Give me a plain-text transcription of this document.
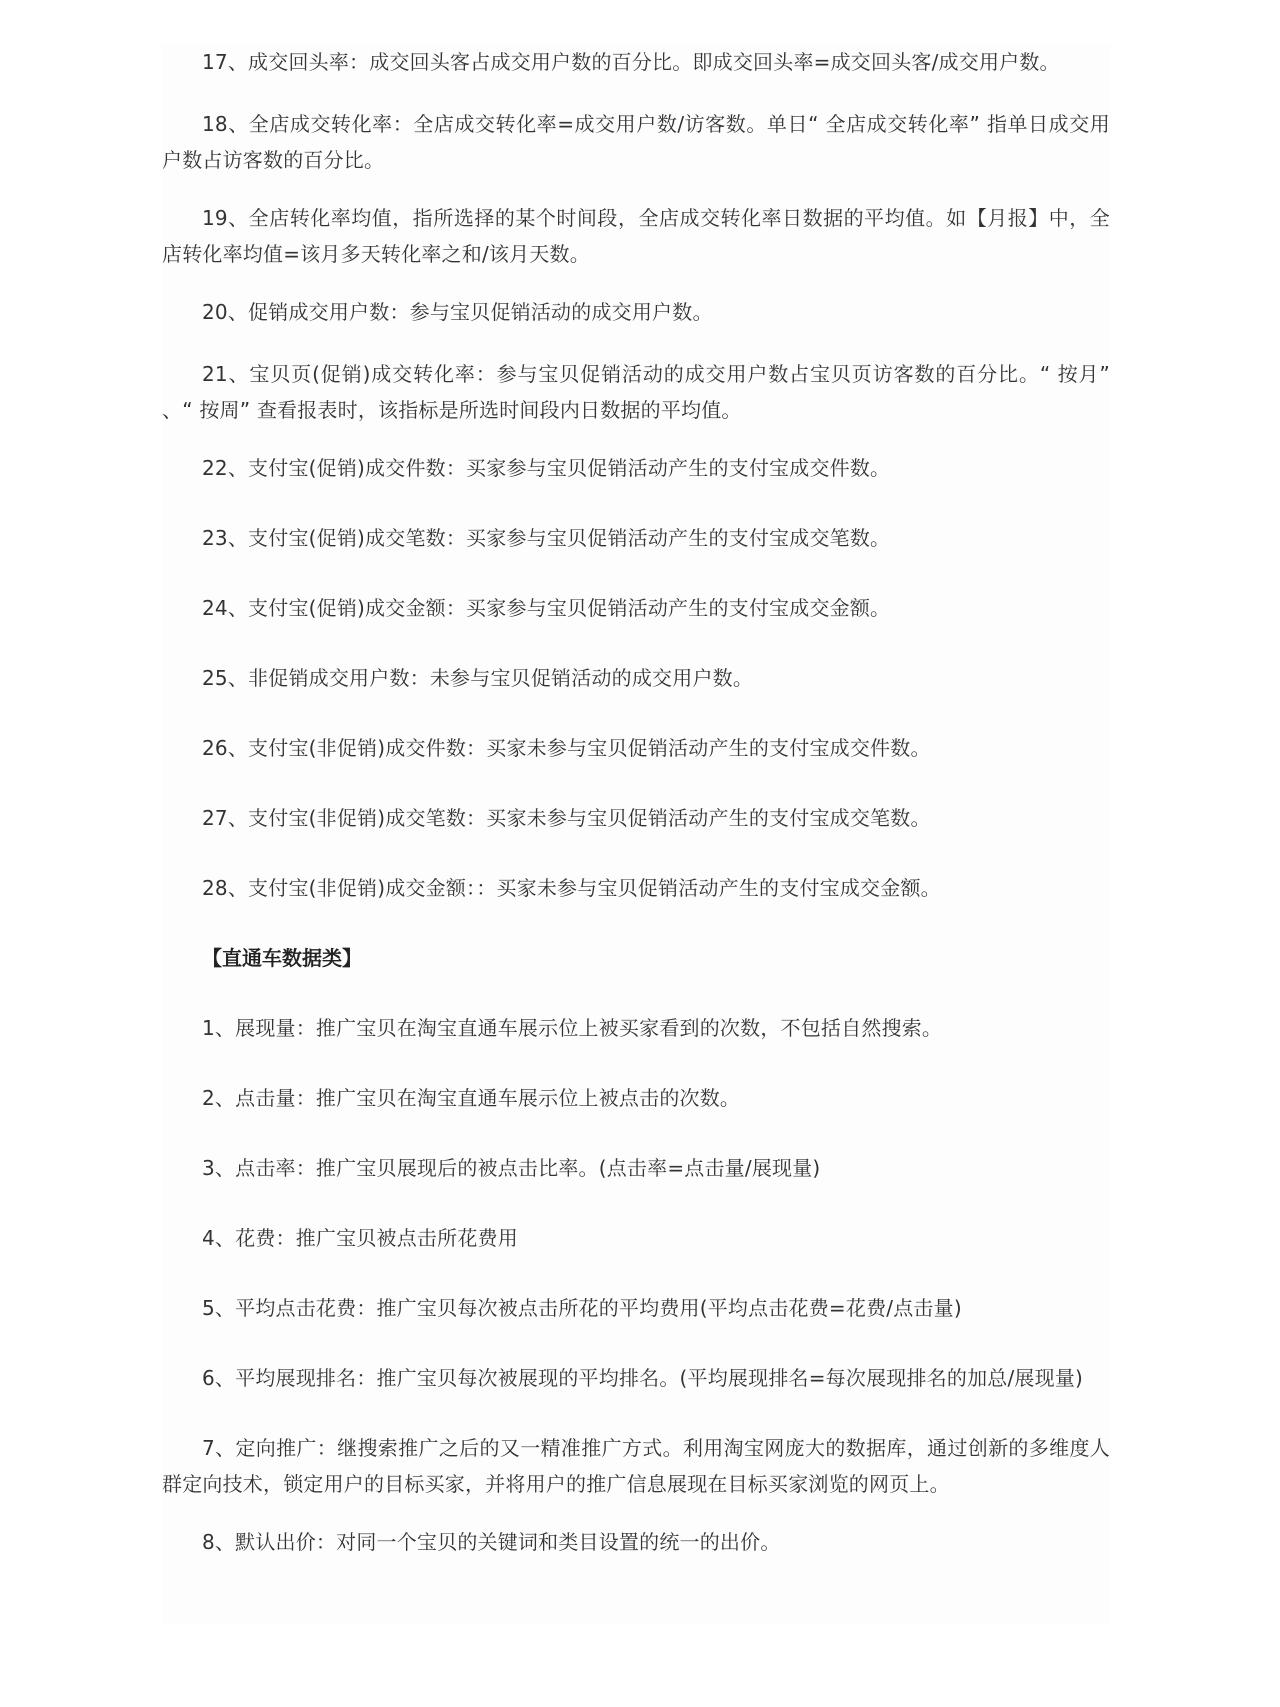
17、成交回头率：成交回头客占成交用户数的百分比。即成交回头率=成交回头客/成交用户数。

18、全店成交转化率：全店成交转化率=成交用户数/访客数。单日“ 全店成交转化率” 指单日成交用户数占访客数的百分比。

19、全店转化率均值，指所选择的某个时间段，全店成交转化率日数据的平均值。如【月报】中，全店转化率均值=该月多天转化率之和/该月天数。

20、促销成交用户数：参与宝贝促销活动的成交用户数。

21、宝贝页(促销)成交转化率：参与宝贝促销活动的成交用户数占宝贝页访客数的百分比。“ 按月” 、“ 按周” 查看报表时，该指标是所选时间段内日数据的平均值。

22、支付宝(促销)成交件数：买家参与宝贝促销活动产生的支付宝成交件数。

23、支付宝(促销)成交笔数：买家参与宝贝促销活动产生的支付宝成交笔数。

24、支付宝(促销)成交金额：买家参与宝贝促销活动产生的支付宝成交金额。

25、非促销成交用户数：未参与宝贝促销活动的成交用户数。

26、支付宝(非促销)成交件数：买家未参与宝贝促销活动产生的支付宝成交件数。

27、支付宝(非促销)成交笔数：买家未参与宝贝促销活动产生的支付宝成交笔数。

28、支付宝(非促销)成交金额：：买家未参与宝贝促销活动产生的支付宝成交金额。

【直通车数据类】

1、展现量：推广宝贝在淘宝直通车展示位上被买家看到的次数，不包括自然搜索。

2、点击量：推广宝贝在淘宝直通车展示位上被点击的次数。

3、点击率：推广宝贝展现后的被点击比率。(点击率=点击量/展现量)

4、花费：推广宝贝被点击所花费用

5、平均点击花费：推广宝贝每次被点击所花的平均费用(平均点击花费=花费/点击量)

6、平均展现排名：推广宝贝每次被展现的平均排名。(平均展现排名=每次展现排名的加总/展现量)

7、定向推广：继搜索推广之后的又一精准推广方式。利用淘宝网庞大的数据库，通过创新的多维度人群定向技术，锁定用户的目标买家，并将用户的推广信息展现在目标买家浏览的网页上。

8、默认出价：对同一个宝贝的关键词和类目设置的统一的出价。
